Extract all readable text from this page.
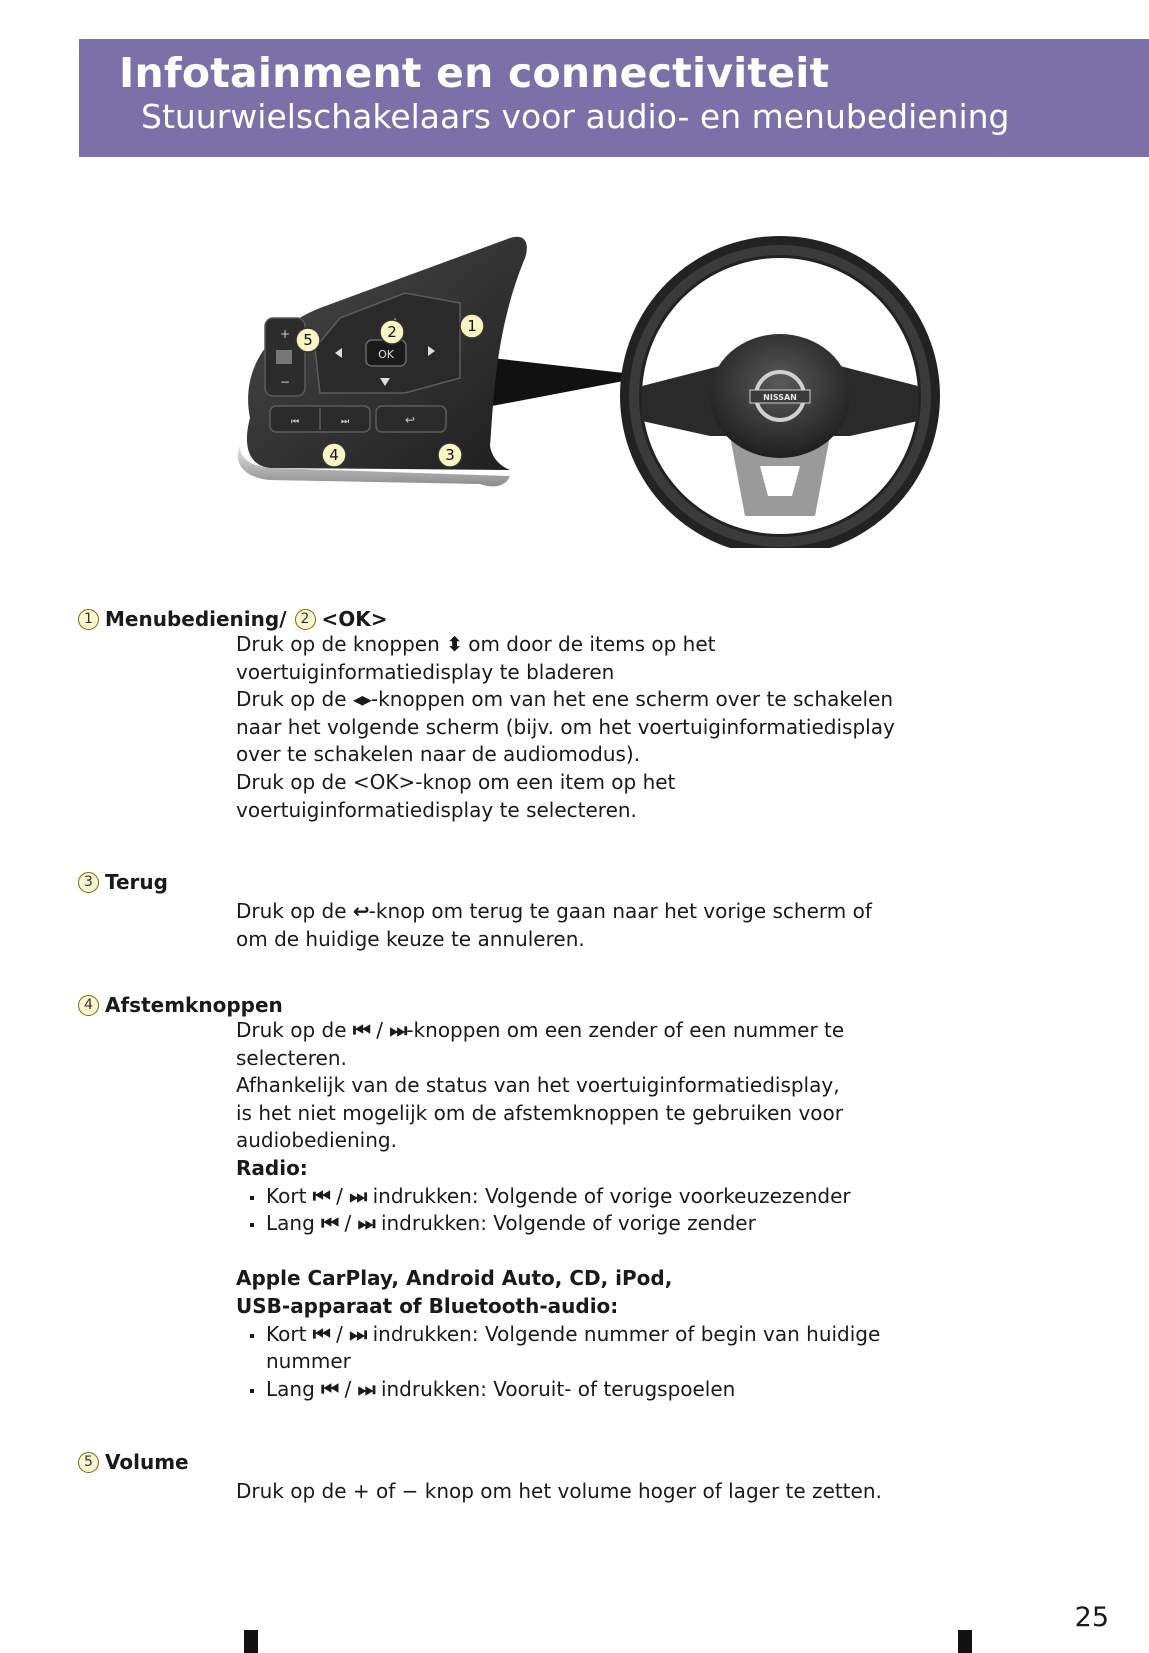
Infotainment en connectiviteit
Stuurwielschakelaars voor audio- en menubediening
+
−
OK
⏮	⏭	↩
5	2	1
4	3
NISSAN
1 Menubediening/	2 <OK>
Druk op de knoppen ⬍ om door de items op het
voertuiginformatiedisplay te bladeren
Druk op de ◂▸-knoppen om van het ene scherm over te schakelen
naar het volgende scherm (bijv. om het voertuiginformatiedisplay
over te schakelen naar de audiomodus).
Druk op de <OK>-knop om een item op het
voertuiginformatiedisplay te selecteren.
3 Terug
Druk op de ↩-knop om terug te gaan naar het vorige scherm of
om de huidige keuze te annuleren.
4 Afstemknoppen
Druk op de ⏮ / ⏭-knoppen om een zender of een nummer te
selecteren.
Afhankelijk van de status van het voertuiginformatiedisplay,
is het niet mogelijk om de afstemknoppen te gebruiken voor
audiobediening.
Radio:
Kort ⏮ / ⏭ indrukken: Volgende of vorige voorkeuzezender
Lang ⏮ / ⏭ indrukken: Volgende of vorige zender
Apple CarPlay, Android Auto, CD, iPod,
USB-apparaat of Bluetooth-audio:
Kort ⏮ / ⏭ indrukken: Volgende nummer of begin van huidige
nummer
Lang ⏮ / ⏭ indrukken: Vooruit- of terugspoelen
5 Volume
Druk op de + of − knop om het volume hoger of lager te zetten.
25
